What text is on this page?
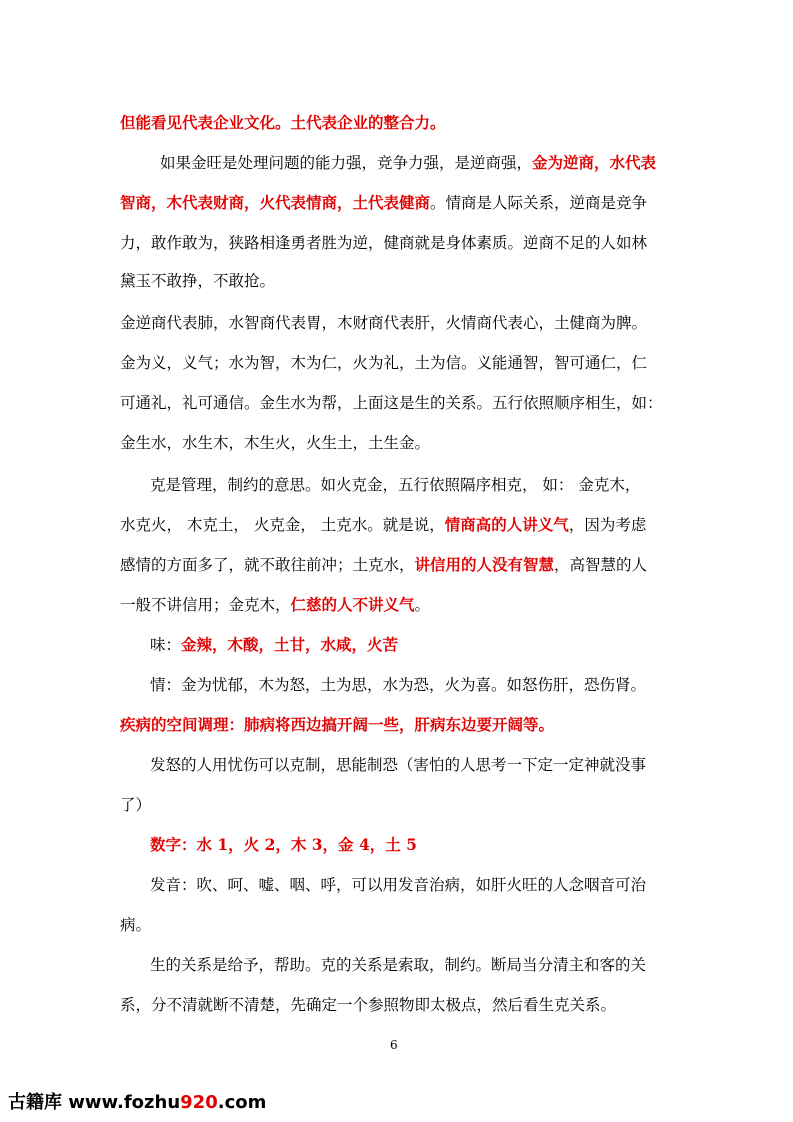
但能看见代表企业文化。土代表企业的整合力。
如果金旺是处理问题的能力强，竞争力强，是逆商强，金为逆商，水代表
智商，木代表财商，火代表情商，土代表健商。情商是人际关系，逆商是竞争
力，敢作敢为，狭路相逢勇者胜为逆，健商就是身体素质。逆商不足的人如林
黛玉不敢挣，不敢抢。
金逆商代表肺，水智商代表胃，木财商代表肝，火情商代表心，土健商为脾。
金为义，义气；水为智，木为仁，火为礼，土为信。义能通智，智可通仁，仁
可通礼，礼可通信。金生水为帮，上面这是生的关系。五行依照顺序相生，如：
金生水，水生木，木生火，火生土，土生金。
克是管理，制约的意思。如火克金，五行依照隔序相克， 如： 金克木，
水克火， 木克土， 火克金， 土克水。就是说，情商高的人讲义气，因为考虑
感情的方面多了，就不敢往前冲；土克水，讲信用的人没有智慧，高智慧的人
一般不讲信用；金克木，仁慈的人不讲义气。
味：金辣，木酸，土甘，水咸，火苦
情：金为忧郁，木为怒，土为思，水为恐，火为喜。如怒伤肝，恐伤肾。
疾病的空间调理：肺病将西边搞开阔一些，肝病东边要开阔等。
发怒的人用忧伤可以克制，思能制恐（害怕的人思考一下定一定神就没事
了）
数字：水 1，火 2，木 3，金 4，土 5
发音：吹、呵、嘘、咽、呼，可以用发音治病，如肝火旺的人念咽音可治
病。
生的关系是给予，帮助。克的关系是索取，制约。断局当分清主和客的关
系，分不清就断不清楚，先确定一个参照物即太极点，然后看生克关系。
6
古籍库 www.fozhu920.com
